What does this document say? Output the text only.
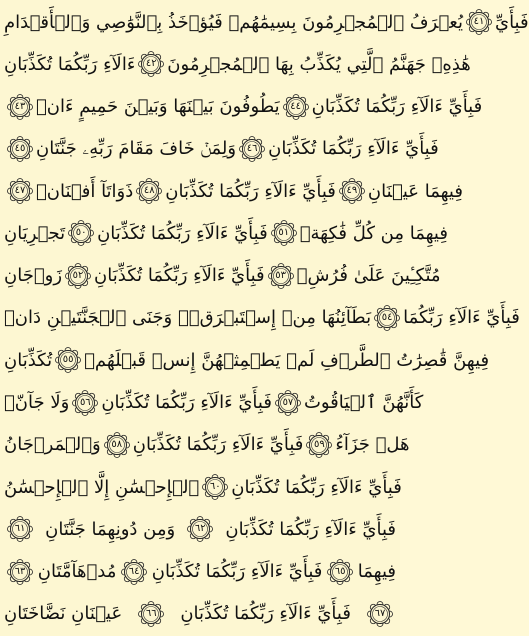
يُعۡرَفُ ٱلۡمُجۡرِمُونَ بِسِيمَٰهُمۡ فَيُؤۡخَذُ بِٱلنَّوَٰصِي وَٱلۡأَقۡدَامِ	٤١ فَبِأَيِّ
ءَالَآءِ رَبِّكُمَا تُكَذِّبَانِ	٤٢ هَٰذِهِۦ جَهَنَّمُ ٱلَّتِي يُكَذِّبُ بِهَا ٱلۡمُجۡرِمُونَ
٤٣ يَطُوفُونَ بَيۡنَهَا وَبَيۡنَ حَمِيمٍ ءَانٖ	٤٤ فَبِأَيِّ ءَالَآءِ رَبِّكُمَا تُكَذِّبَانِ
٤٥ وَلِمَنۡ خَافَ مَقَامَ رَبِّهِۦ جَنَّتَانِ	٤٦ فَبِأَيِّ ءَالَآءِ رَبِّكُمَا تُكَذِّبَانِ
٤٧ ذَوَاتَآ أَفۡنَانٖ	٤٨ فَبِأَيِّ ءَالَآءِ رَبِّكُمَا تُكَذِّبَانِ	٤٩ فِيهِمَا عَيۡنَانِ
تَجۡرِيَانِ	٥٠ فَبِأَيِّ ءَالَآءِ رَبِّكُمَا تُكَذِّبَانِ	٥١ فِيهِمَا مِن كُلِّ فَٰكِهَةٖ
زَوۡجَانِ	٥٢ فَبِأَيِّ ءَالَآءِ رَبِّكُمَا تُكَذِّبَانِ	٥٣ مُتَّكِـِٔينَ عَلَىٰ فُرُشِۭ
بَطَآئِنُهَا مِنۡ إِسۡتَبۡرَقٖۚ وَجَنَى ٱلۡجَنَّتَيۡنِ دَانٖ	٥٤ فَبِأَيِّ ءَالَآءِ رَبِّكُمَا
تُكَذِّبَانِ	٥٥ فِيهِنَّ قَٰصِرَٰتُ ٱلطَّرۡفِ لَمۡ يَطۡمِثۡهُنَّ إِنسٞ قَبۡلَهُمۡ
وَلَا جَآنّٞ	٥٦ فَبِأَيِّ ءَالَآءِ رَبِّكُمَا تُكَذِّبَانِ	٥٧ كَأَنَّهُنَّ ٱلۡيَاقُوتُ
وَٱلۡمَرۡجَانُ	٥٨ فَبِأَيِّ ءَالَآءِ رَبِّكُمَا تُكَذِّبَانِ	٥٩ هَلۡ جَزَآءُ
ٱلۡإِحۡسَٰنِ إِلَّا ٱلۡإِحۡسَٰنُ	٦٠ فَبِأَيِّ ءَالَآءِ رَبِّكُمَا تُكَذِّبَانِ
٦١	وَمِن دُونِهِمَا جَنَّتَانِ	٦٢	فَبِأَيِّ ءَالَآءِ رَبِّكُمَا تُكَذِّبَانِ
٦٣ مُدۡهَآمَّتَانِ	٦٤ فَبِأَيِّ ءَالَآءِ رَبِّكُمَا تُكَذِّبَانِ	٦٥ فِيهِمَا
عَيۡنَانِ نَضَّاخَتَانِ	٦٦	فَبِأَيِّ ءَالَآءِ رَبِّكُمَا تُكَذِّبَانِ	٦٧
